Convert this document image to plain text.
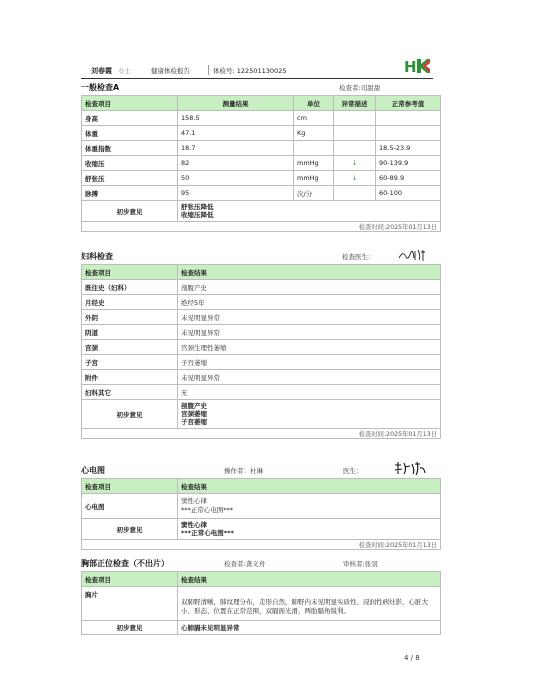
刘春霞 女士	健康体检报告	体检号: 122501130025	H
一般检查A	检查者:司甜甜
检查项目	测量结果	单位	异常描述	正常参考值
身高	158.5	cm		
体重	47.1	Kg		
体重指数	18.7			18.5-23.9
收缩压	82	mmHg	↓	90-139.9
舒张压	50	mmHg	↓	60-89.9
脉搏	95	次/分		60-100
初步意见	舒张压降低
收缩压降低			

检查时间:2025年01月13日				
妇科检查	检查医生：
检查项目	检查结果
既往史（妇科）	剖腹产史
月经史	绝经5年
外阴	未见明显异常
阴道	未见明显异常
宫颈	宫颈生理性萎缩
子宫	子宫萎缩
附件	未见明显异常
妇科其它	无
初步意见	剖腹产史
宫颈萎缩
子宫萎缩

检查时间:2025年01月13日	
心电图	操作者：杜琳	医生：
检查项目	检查结果
心电图	窦性心律
***正常心电图***

初步意见	窦性心律
***正常心电图***

检查时间:2025年01月13日	
胸部正位检查（不出片）	检查者:龚义舟	审核者:张羽
检查项目	检查结果
胸片	双肺野清晰，肺纹理分布，走形自然，肺野内未见明显实质性、浸润性病灶影，心脏大小、形态、位置在正常范围，双膈面光滑，两肋膈角锐利。
初步意见	心肺膈未见明显异常
4 / 8
